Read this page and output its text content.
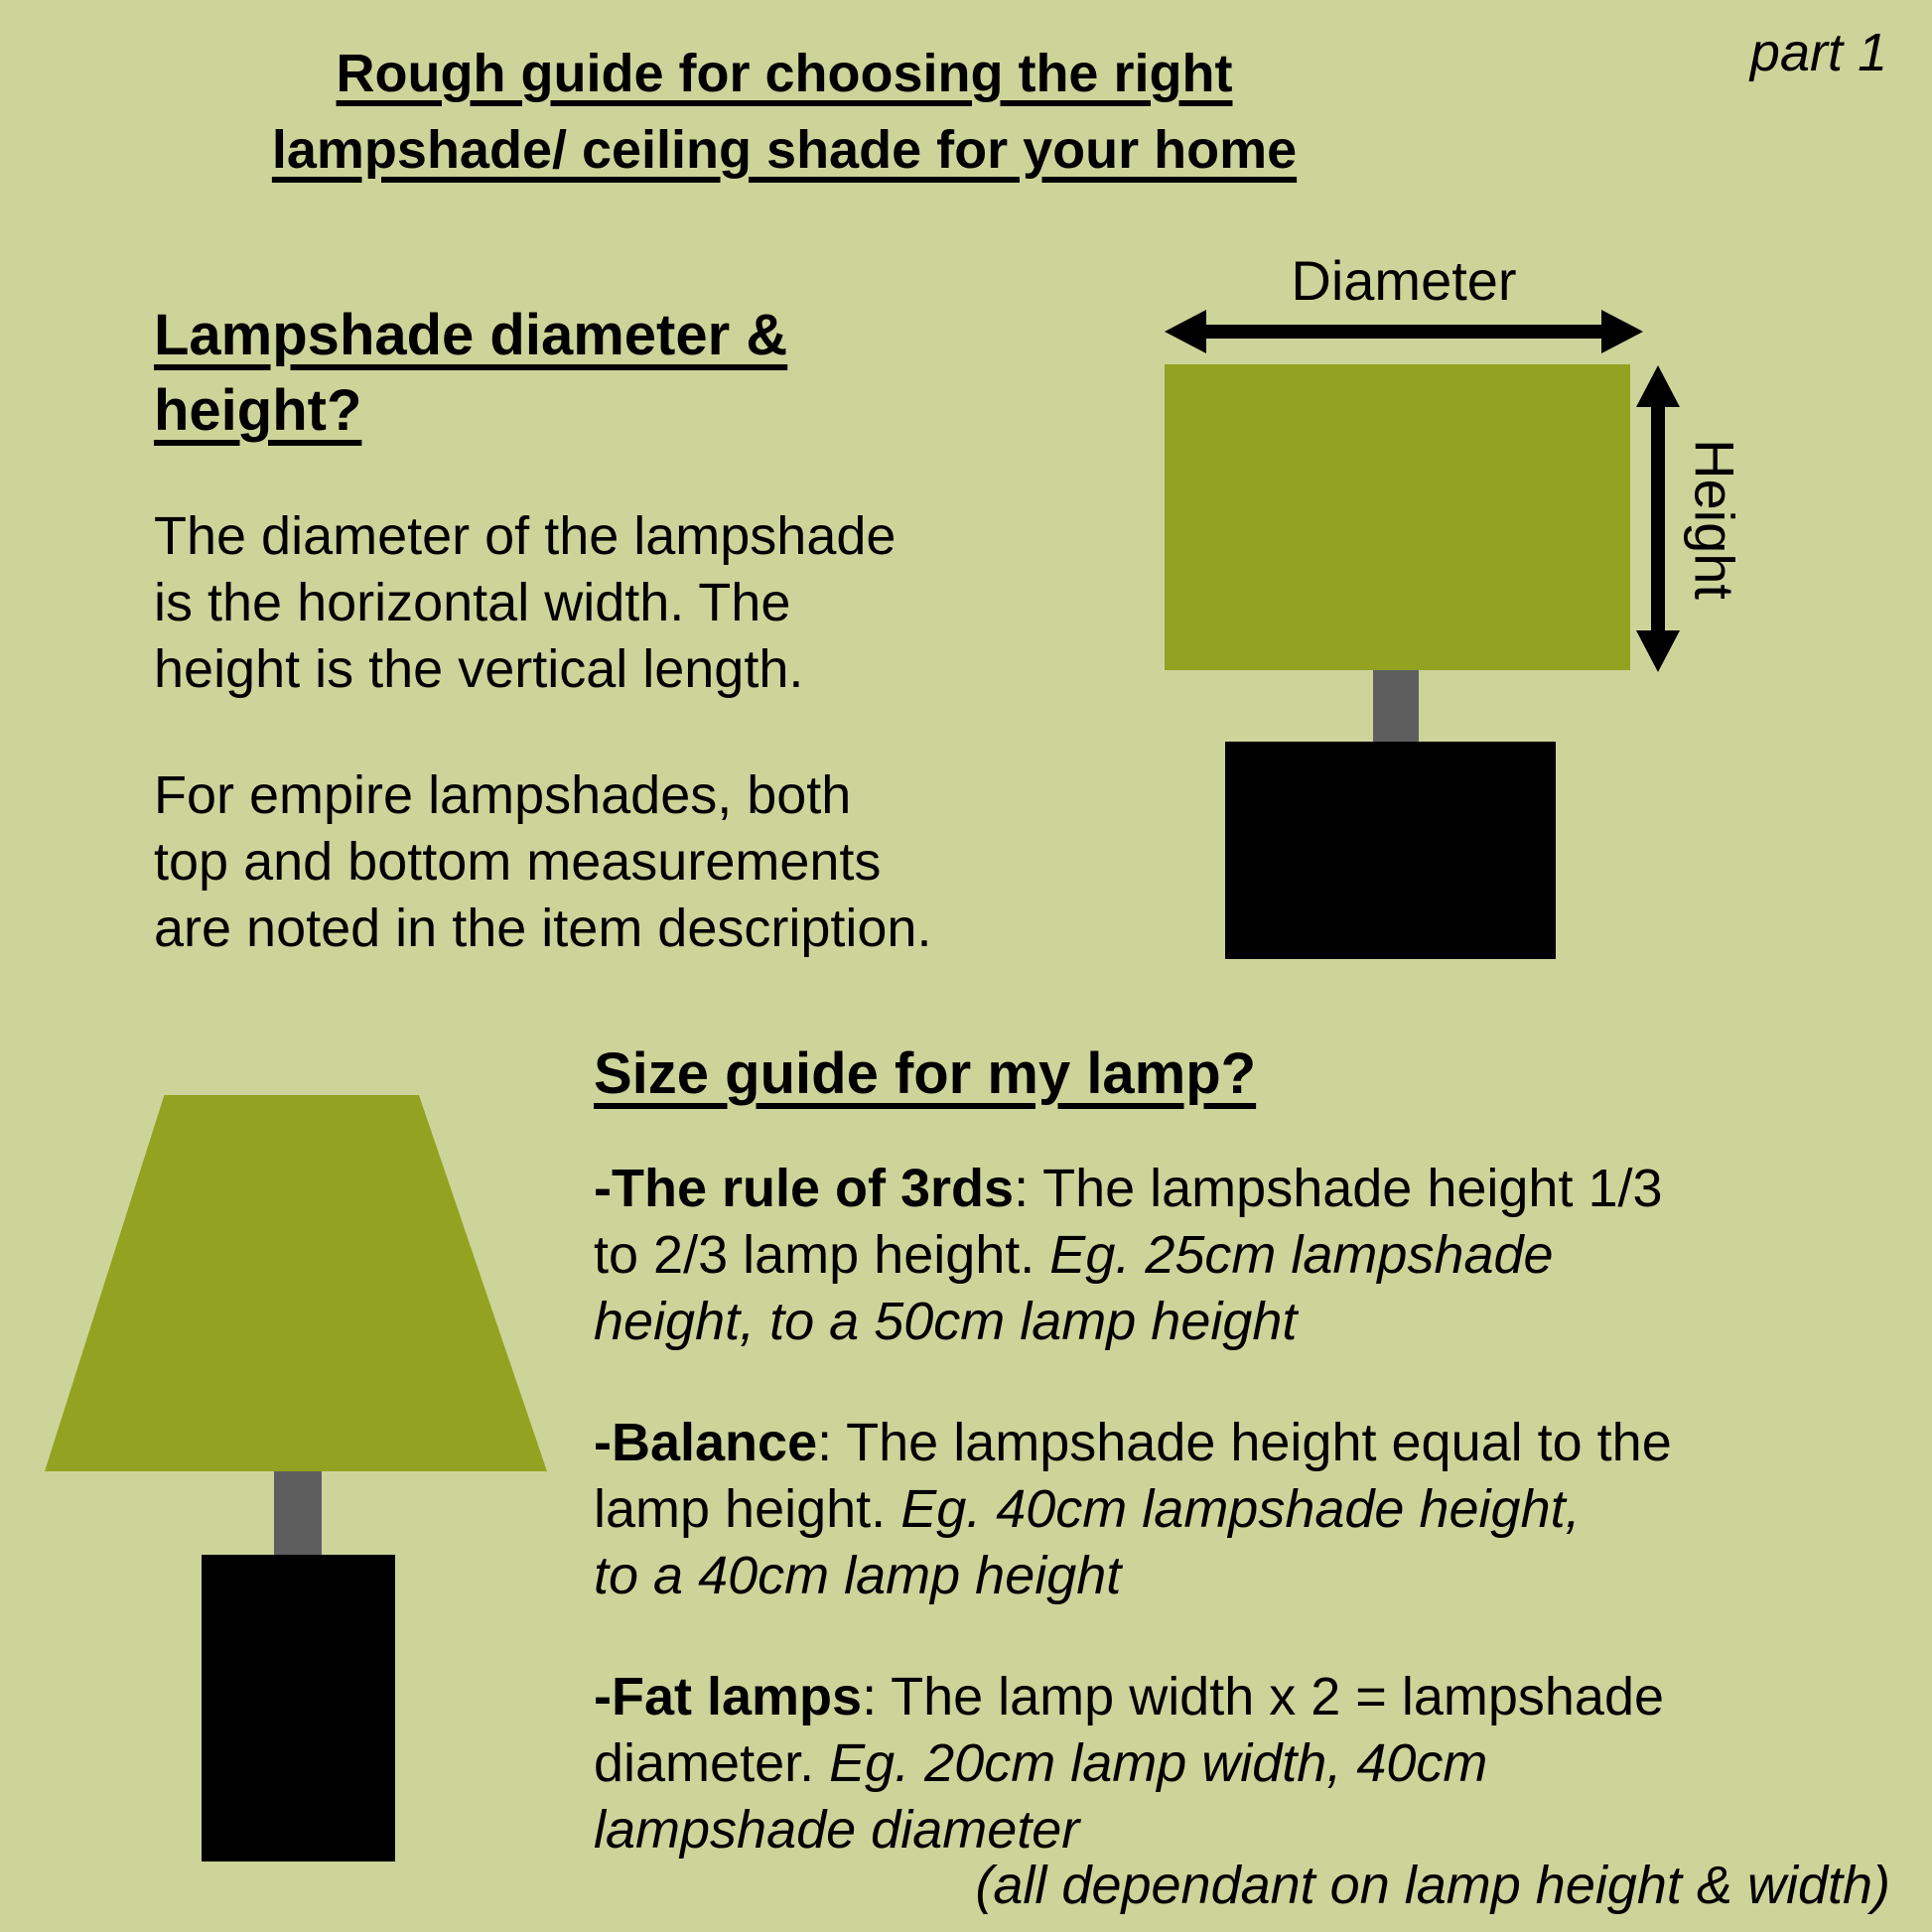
part 1
Rough guide for choosing the right
lampshade/ ceiling shade for your home
Lampshade diameter &
height?
The diameter of the lampshade
is the horizontal width. The
height is the vertical length.
For empire lampshades, both
top and bottom measurements
are noted in the item description.
Diameter
Height
Size guide for my lamp?
-The rule of 3rds: The lampshade height 1/3
to 2/3 lamp height. Eg. 25cm lampshade
height, to a 50cm lamp height
-Balance: The lampshade height equal to the
lamp height. Eg. 40cm lampshade height,
to a 40cm lamp height
-Fat lamps: The lamp width x 2 = lampshade
diameter. Eg. 20cm lamp width, 40cm
lampshade diameter
(all dependant on lamp height & width)
